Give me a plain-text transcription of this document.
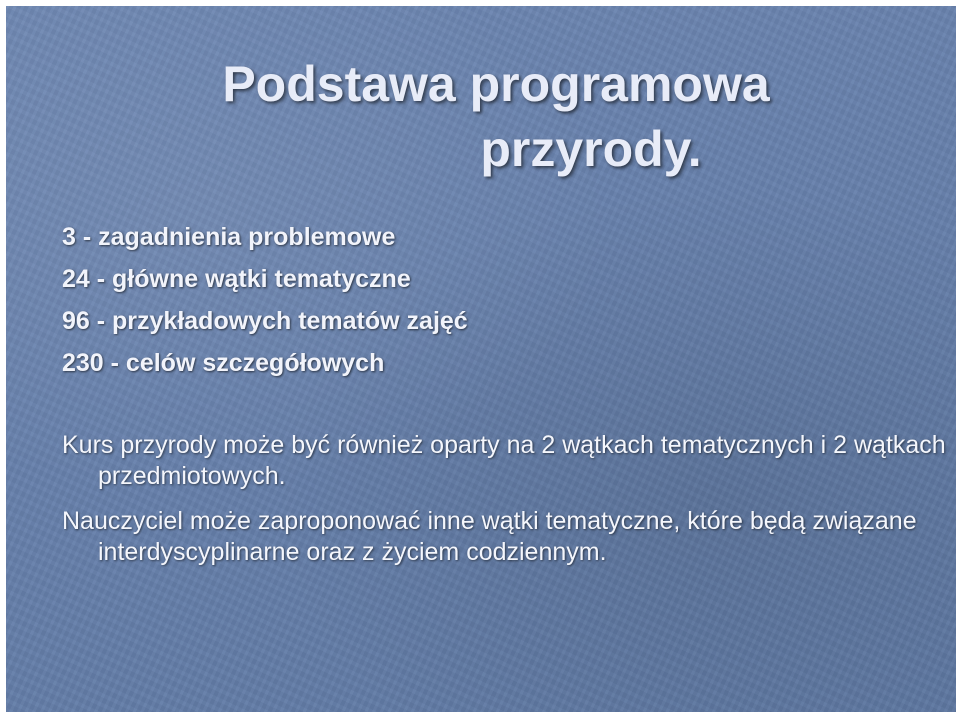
Podstawa programowa
przyrody.
3 - zagadnienia problemowe
24 - główne wątki tematyczne
96 - przykładowych tematów zajęć
230 - celów szczegółowych

Kurs przyrody może być również oparty na 2 wątkach tematycznych i 2 wątkach przedmiotowych.

Nauczyciel może zaproponować inne wątki tematyczne, które będą związane interdyscyplinarne oraz z życiem codziennym.
